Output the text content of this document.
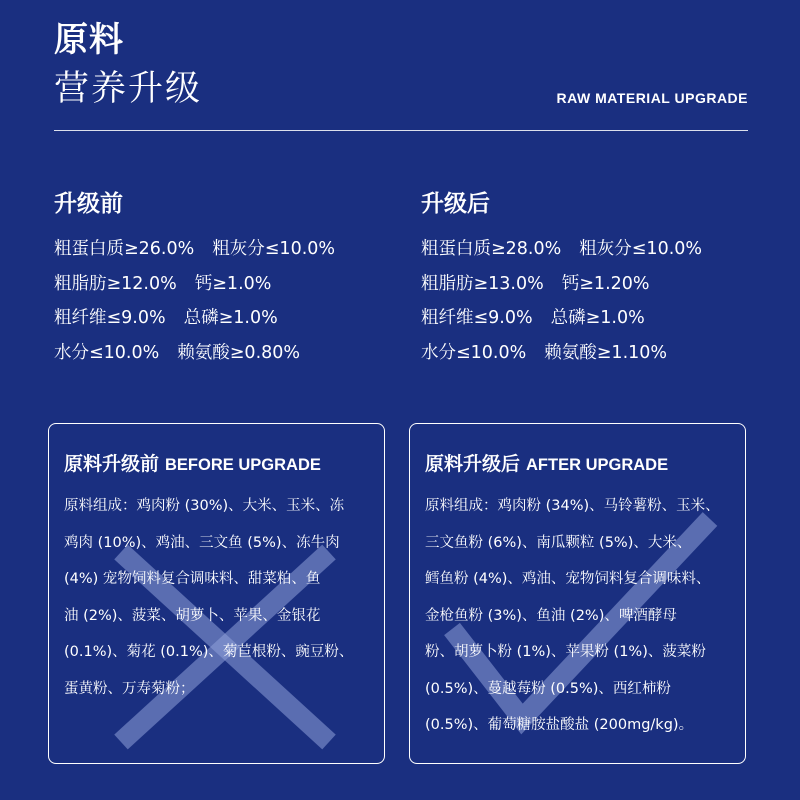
原料
营养升级	RAW MATERIAL UPGRADE
升级前
粗蛋白质≥26.0% 粗灰分≤10.0%
粗脂肪≥12.0% 钙≥1.0%
粗纤维≤9.0% 总磷≥1.0%
水分≤10.0% 赖氨酸≥0.80%
升级后
粗蛋白质≥28.0% 粗灰分≤10.0%
粗脂肪≥13.0% 钙≥1.20%
粗纤维≤9.0% 总磷≥1.0%
水分≤10.0% 赖氨酸≥1.10%
原料升级前 BEFORE UPGRADE
原料组成：鸡肉粉 (30%)、大米、玉米、冻
鸡肉 (10%)、鸡油、三文鱼 (5%)、冻牛肉
(4%) 宠物饲料复合调味料、甜菜粕、鱼
油 (2%)、菠菜、胡萝卜、苹果、金银花
(0.1%)、菊花 (0.1%)、菊苣根粉、豌豆粉、
蛋黄粉、万寿菊粉；
原料升级后 AFTER UPGRADE
原料组成：鸡肉粉 (34%)、马铃薯粉、玉米、
三文鱼粉 (6%)、南瓜颗粒 (5%)、大米、
鳕鱼粉 (4%)、鸡油、宠物饲料复合调味料、
金枪鱼粉 (3%)、鱼油 (2%)、啤酒酵母
粉、胡萝卜粉 (1%)、苹果粉 (1%)、菠菜粉
(0.5%)、蔓越莓粉 (0.5%)、西红柿粉
(0.5%)、葡萄糖胺盐酸盐 (200mg/kg)。
